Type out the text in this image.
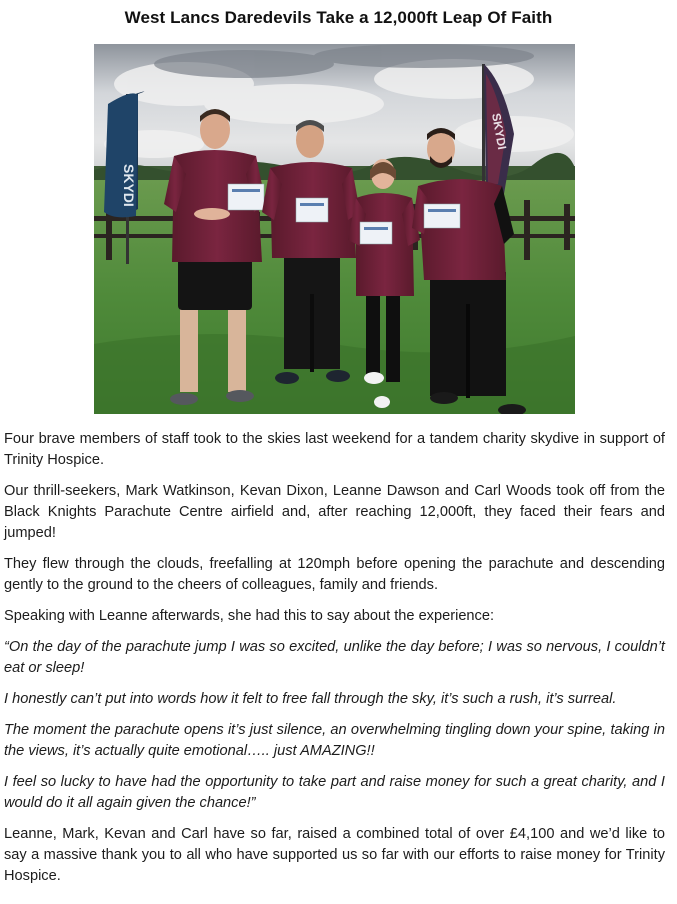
West Lancs Daredevils Take a 12,000ft Leap Of Faith
SKYDI
SKYDI

Four brave members of staff took to the skies last weekend for a tandem charity skydive in support of Trinity Hospice.

Our thrill-seekers, Mark Watkinson, Kevan Dixon, Leanne Dawson and Carl Woods took off from the Black Knights Parachute Centre airfield and, after reaching 12,000ft, they faced their fears and jumped!

They flew through the clouds, freefalling at 120mph before opening the parachute and descending gently to the ground to the cheers of colleagues, family and friends.

Speaking with Leanne afterwards, she had this to say about the experience:

“On the day of the parachute jump I was so excited, unlike the day before; I was so nervous, I couldn’t eat or sleep!

I honestly can’t put into words how it felt to free fall through the sky, it’s such a rush, it’s surreal.

The moment the parachute opens it’s just silence, an overwhelming tingling down your spine, taking in the views, it’s actually quite emotional….. just AMAZING!!

I feel so lucky to have had the opportunity to take part and raise money for such a great charity, and I would do it all again given the chance!”

Leanne, Mark, Kevan and Carl have so far, raised a combined total of over £4,100 and we’d like to say a massive thank you to all who have supported us so far with our efforts to raise money for Trinity Hospice.
